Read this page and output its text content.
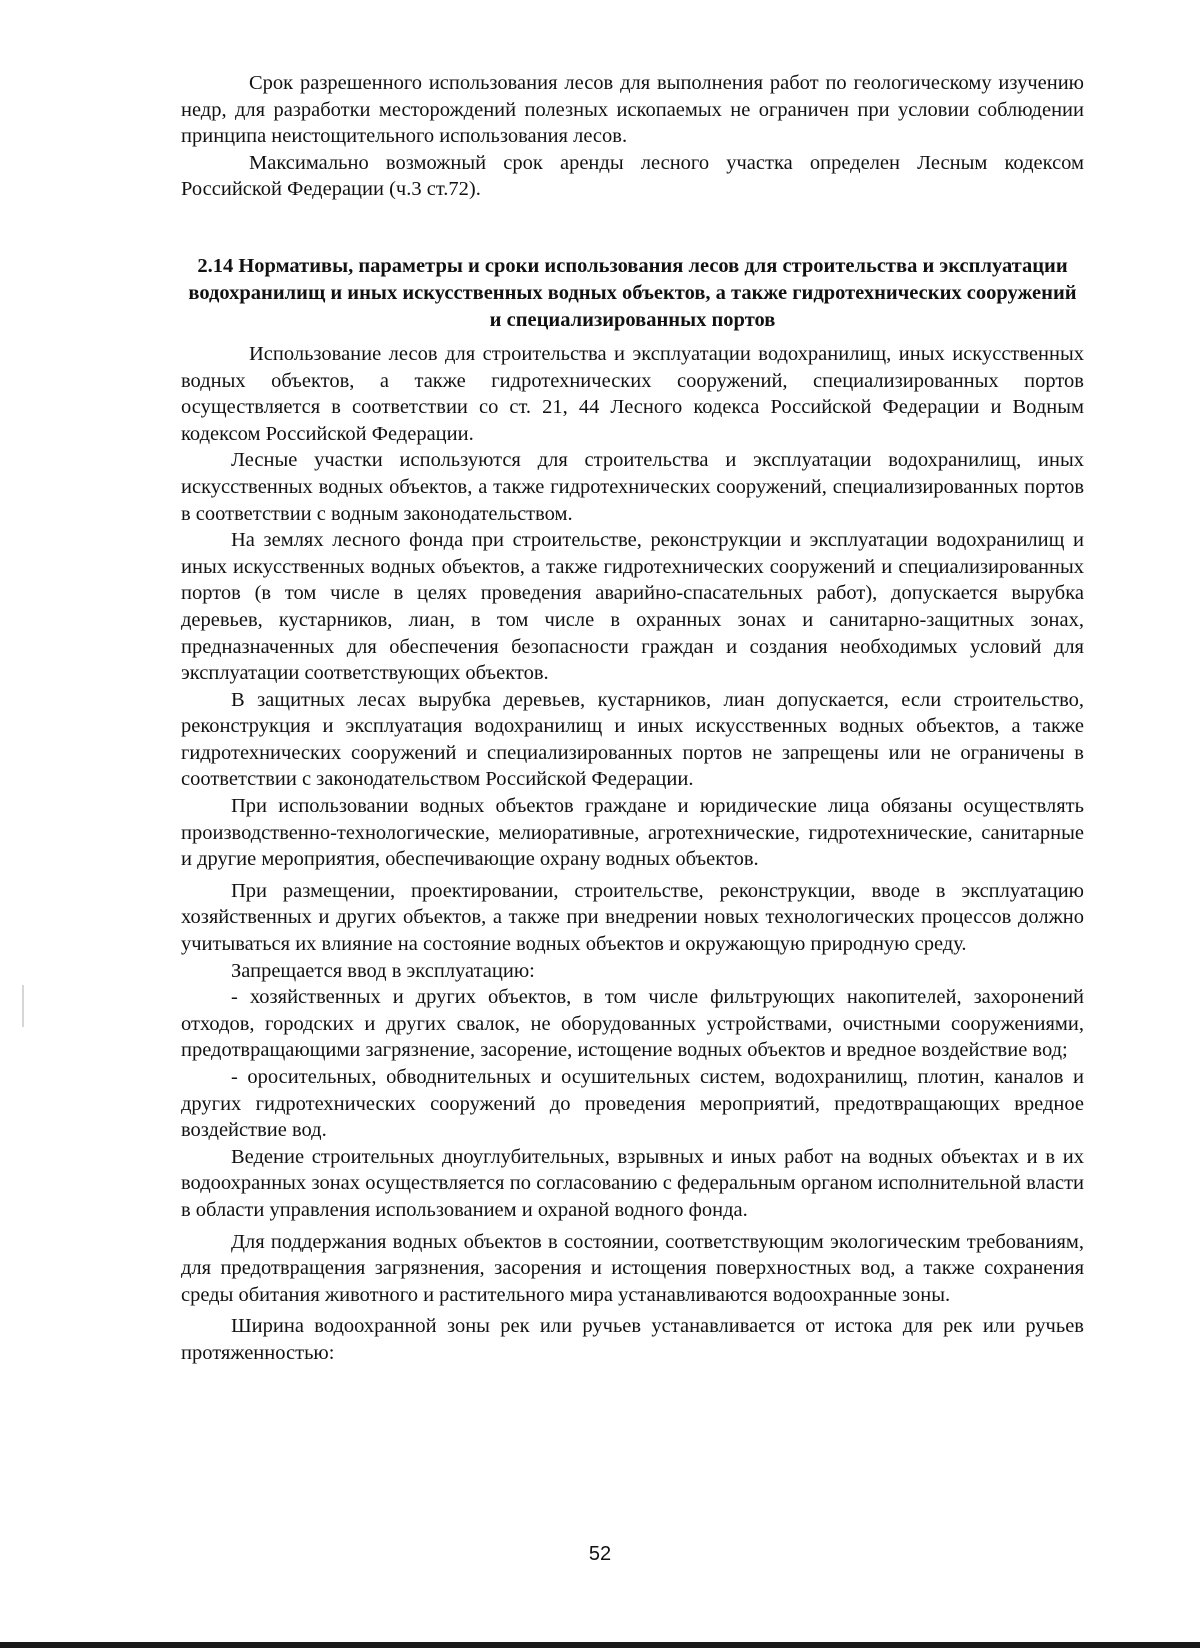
Срок разрешенного использования лесов для выполнения работ по геологическому изучению недр, для разработки месторождений полезных ископаемых не ограничен при условии соблюдении принципа неистощительного использования лесов.

Максимально возможный срок аренды лесного участка определен Лесным кодексом Российской Федерации (ч.3 ст.72).

2.14 Нормативы, параметры и сроки использования лесов для строительства и эксплуатации водохранилищ и иных искусственных водных объектов, а также гидротехнических сооружений и специализированных портов

Использование лесов для строительства и эксплуатации водохранилищ, иных искусственных водных объектов, а также гидротехнических сооружений, специализированных портов осуществляется в соответствии со ст. 21, 44 Лесного кодекса Российской Федерации и Водным кодексом Российской Федерации.

Лесные участки используются для строительства и эксплуатации водохранилищ, иных искусственных водных объектов, а также гидротехнических сооружений, специализированных портов в соответствии с водным законодательством.

На землях лесного фонда при строительстве, реконструкции и эксплуатации водохранилищ и иных искусственных водных объектов, а также гидротехнических сооружений и специализированных портов (в том числе в целях проведения аварийно-спасательных работ), допускается вырубка деревьев, кустарников, лиан, в том числе в охранных зонах и санитарно-защитных зонах, предназначенных для обеспечения безопасности граждан и создания необходимых условий для эксплуатации соответствующих объектов.

В защитных лесах вырубка деревьев, кустарников, лиан допускается, если строительство, реконструкция и эксплуатация водохранилищ и иных искусственных водных объектов, а также гидротехнических сооружений и специализированных портов не запрещены или не ограничены в соответствии с законодательством Российской Федерации.

При использовании водных объектов граждане и юридические лица обязаны осуществлять производственно-технологические, мелиоративные, агротехнические, гидротехнические, санитарные и другие мероприятия, обеспечивающие охрану водных объектов.

При размещении, проектировании, строительстве, реконструкции, вводе в эксплуатацию хозяйственных и других объектов, а также при внедрении новых технологических процессов должно учитываться их влияние на состояние водных объектов и окружающую природную среду.

Запрещается ввод в эксплуатацию:

- хозяйственных и других объектов, в том числе фильтрующих накопителей, захоронений отходов, городских и других свалок, не оборудованных устройствами, очистными сооружениями, предотвращающими загрязнение, засорение, истощение водных объектов и вредное воздействие вод;

- оросительных, обводнительных и осушительных систем, водохранилищ, плотин, каналов и других гидротехнических сооружений до проведения мероприятий, предотвращающих вредное воздействие вод.

Ведение строительных дноуглубительных, взрывных и иных работ на водных объектах и в их водоохранных зонах осуществляется по согласованию с федеральным органом исполнительной власти в области управления использованием и охраной водного фонда.

Для поддержания водных объектов в состоянии, соответствующим экологическим требованиям, для предотвращения загрязнения, засорения и истощения поверхностных вод, а также сохранения среды обитания животного и растительного мира устанавливаются водоохранные зоны.

Ширина водоохранной зоны рек или ручьев устанавливается от истока для рек или ручьев протяженностью:

52
